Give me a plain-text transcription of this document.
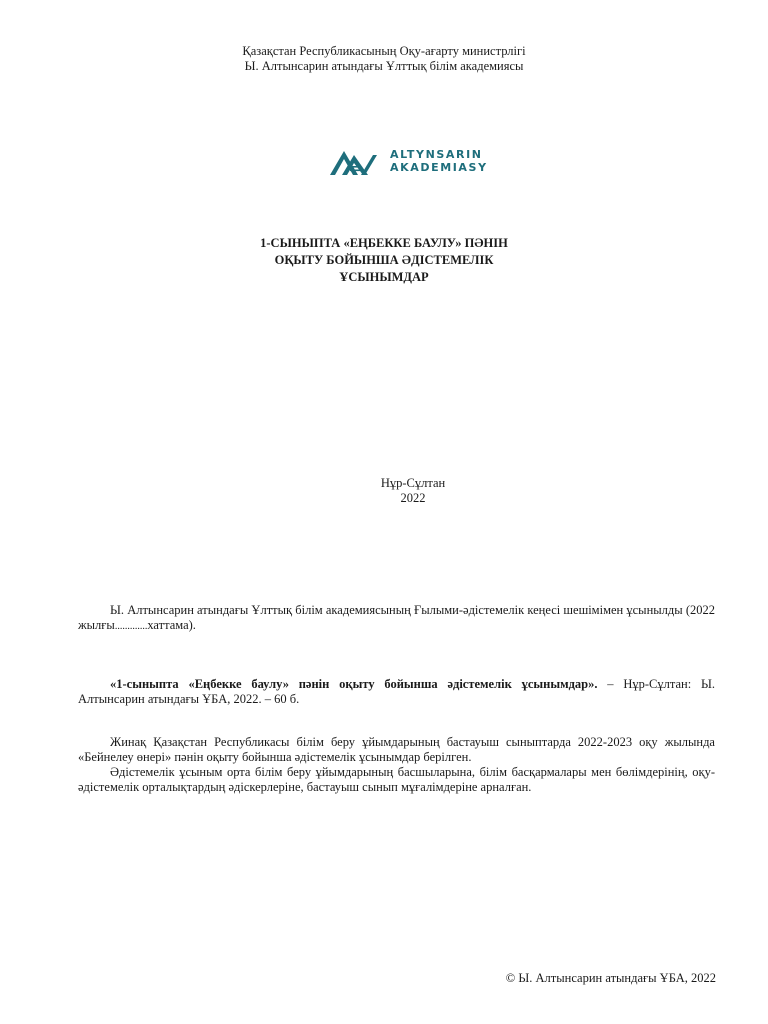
Қазақстан Республикасының Оқу-ағарту министрлігі
Ы. Алтынсарин атындағы Ұлттық білім академиясы
ALTYNSARIN
AKADEMIASY
1-СЫНЫПТА «ЕҢБЕККЕ БАУЛУ» ПӘНІН
ОҚЫТУ БОЙЫНША ӘДІСТЕМЕЛІК
ҰСЫНЫМДАР
Нұр-Сұлтан
2022
Ы. Алтынсарин атындағы Ұлттық білім академиясының Ғылыми-әдістемелік кеңесі шешімімен ұсынылды (2022 жылғы.............хаттама).
«1-сыныпта «Еңбекке баулу» пәнін оқыту бойынша әдістемелік ұсынымдар». – Нұр-Сұлтан: Ы. Алтынсарин атындағы ҰБА, 2022. – 60 б.
Жинақ Қазақстан Республикасы білім беру ұйымдарының бастауыш сыныптарда 2022-2023 оқу жылында «Бейнелеу өнері» пәнін оқыту бойынша әдістемелік ұсынымдар берілген.
Әдістемелік ұсыным орта білім беру ұйымдарының басшыларына, білім басқармалары мен бөлімдерінің, оқу-әдістемелік орталықтардың әдіскерлеріне, бастауыш сынып мұғалімдеріне арналған.
© Ы. Алтынсарин атындағы ҰБА, 2022
